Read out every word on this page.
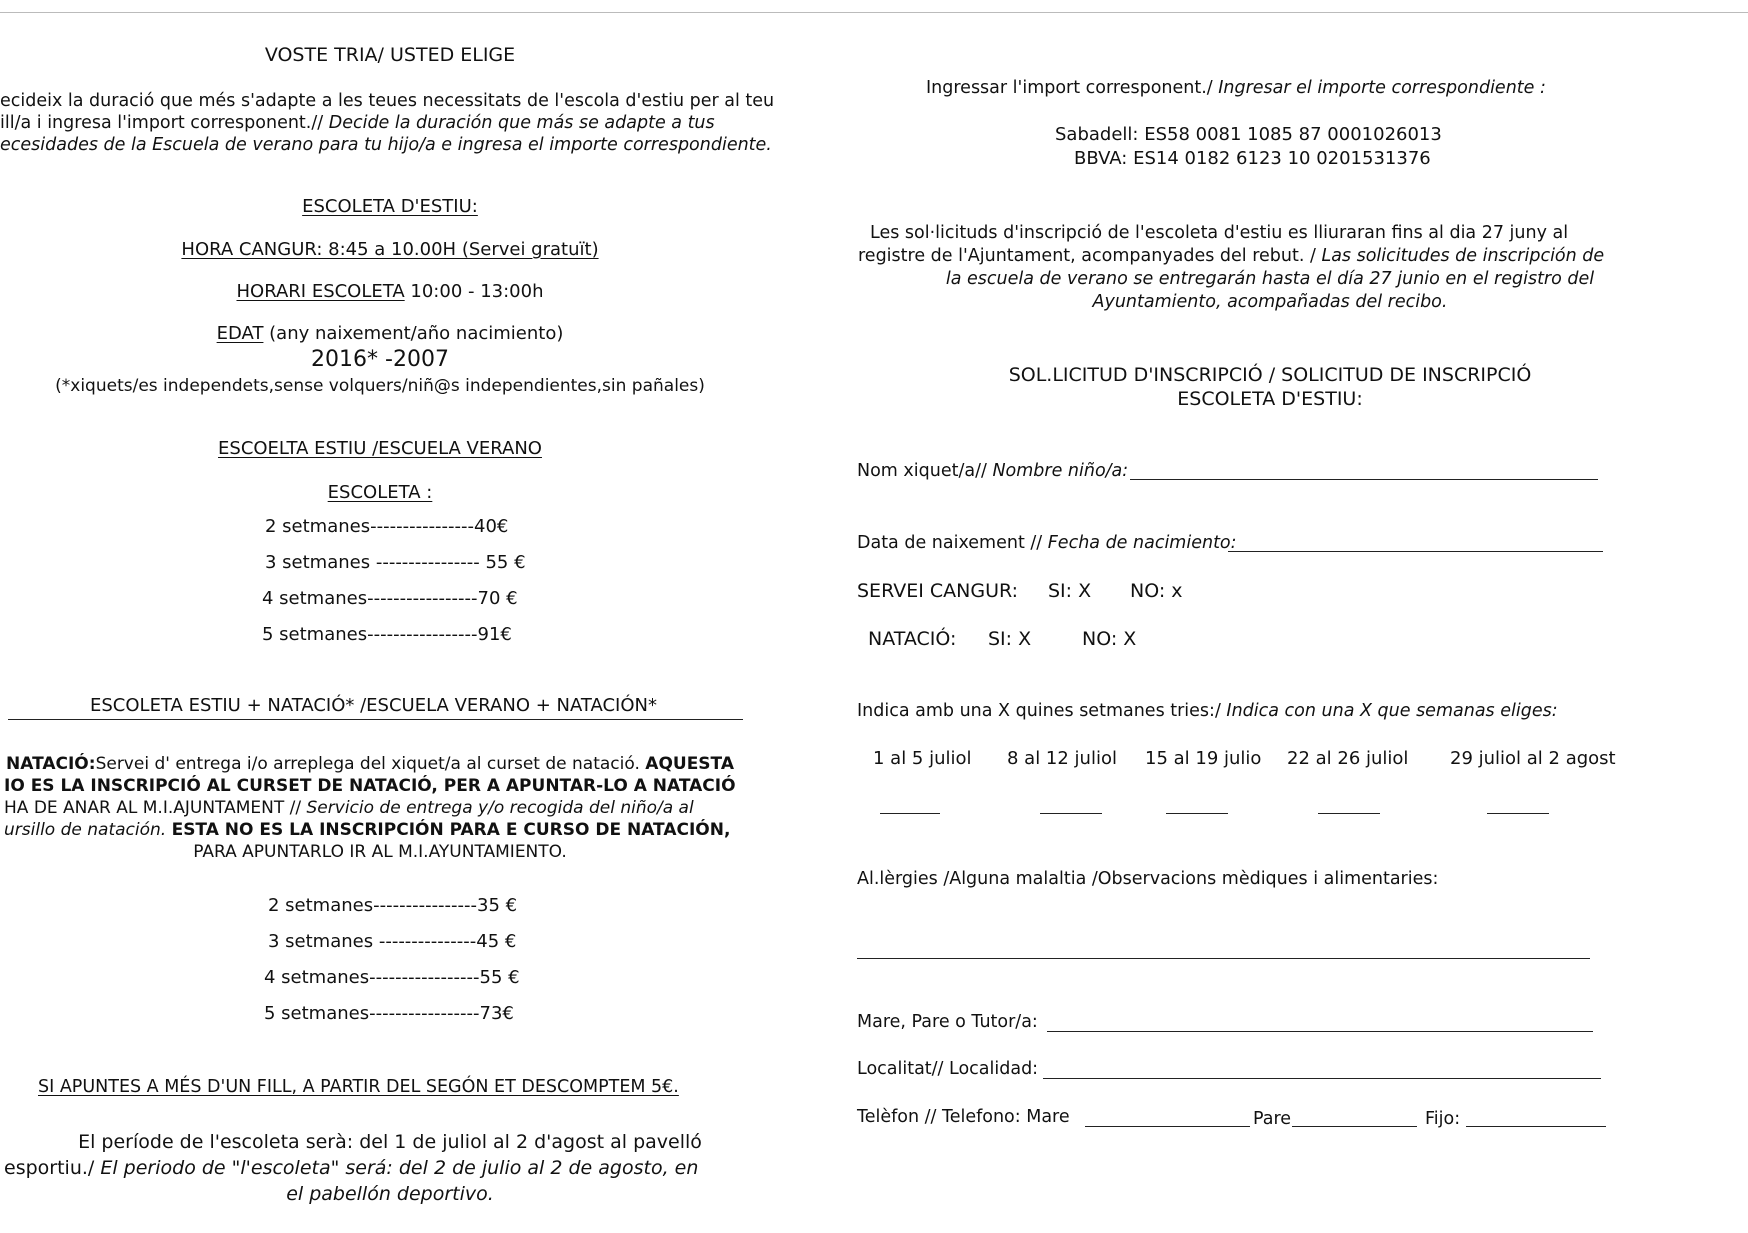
VOSTE TRIA/ USTED ELIGE
ecideix la duració que més s'adapte a les teues necessitats de l'escola d'estiu per al teu
ill/a i ingresa l'import corresponent.// Decide la duración que más se adapte a tus
ecesidades de la Escuela de verano para tu hijo/a e ingresa el importe correspondiente.
ESCOLETA D'ESTIU:
HORA CANGUR: 8:45 a 10.00H (Servei gratuït)
HORARI ESCOLETA 10:00 - 13:00h
EDAT (any naixement/año nacimiento)
2016* -2007
(*xiquets/es independets,sense volquers/niñ@s independientes,sin pañales)
ESCOELTA ESTIU /ESCUELA VERANO
ESCOLETA :
2 setmanes----------------40€
3 setmanes ---------------- 55 €
4 setmanes-----------------70 €
5 setmanes-----------------91€
ESCOLETA ESTIU + NATACIÓ* /ESCUELA VERANO + NATACIÓN*
NATACIÓ:Servei d' entrega i/o arreplega del xiquet/a al curset de natació. AQUESTA
IO ES LA INSCRIPCIÓ AL CURSET DE NATACIÓ, PER A APUNTAR-LO A NATACIÓ
HA DE ANAR AL M.I.AJUNTAMENT // Servicio de entrega y/o recogida del niño/a al
ursillo de natación. ESTA NO ES LA INSCRIPCIÓN PARA E CURSO DE NATACIÓN,
PARA APUNTARLO IR AL M.I.AYUNTAMIENTO.
2 setmanes----------------35 €
3 setmanes ---------------45 €
4 setmanes-----------------55 €
5 setmanes-----------------73€
SI APUNTES A MÉS D'UN FILL, A PARTIR DEL SEGÓN ET DESCOMPTEM 5€.
El període de l'escoleta serà: del 1 de juliol al 2 d'agost al pavelló
esportiu./ El periodo de "l'escoleta" será: del 2 de julio al 2 de agosto, en
el pabellón deportivo.
Ingressar l'import corresponent./ Ingresar el importe correspondiente :
Sabadell: ES58 0081 1085 87 0001026013
BBVA: ES14 0182 6123 10 0201531376
Les sol·licituds d'inscripció de l'escoleta d'estiu es lliuraran fins al dia 27 juny al
registre de l'Ajuntament, acompanyades del rebut. / Las solicitudes de inscripción de
la escuela de verano se entregarán hasta el día 27 junio en el registro del
Ayuntamiento, acompañadas del recibo.
SOL.LICITUD D'INSCRIPCIÓ / SOLICITUD DE INSCRIPCIÓ
ESCOLETA D'ESTIU:
Nom xiquet/a// Nombre niño/a:
Data de naixement // Fecha de nacimiento:
SERVEI CANGUR: SI: X NO: x
NATACIÓ: SI: X	NO: X
Indica amb una X quines setmanes tries:/ Indica con una X que semanas eliges:
1 al 5 juliol 8 al 12 juliol 15 al 19 julio 22 al 26 juliol 29 juliol al 2 agost
Al.lèrgies /Alguna malaltia /Observacions mèdiques i alimentaries:
Mare, Pare o Tutor/a:
Localitat// Localidad:
Telèfon // Telefono: Mare	Pare	Fijo:
